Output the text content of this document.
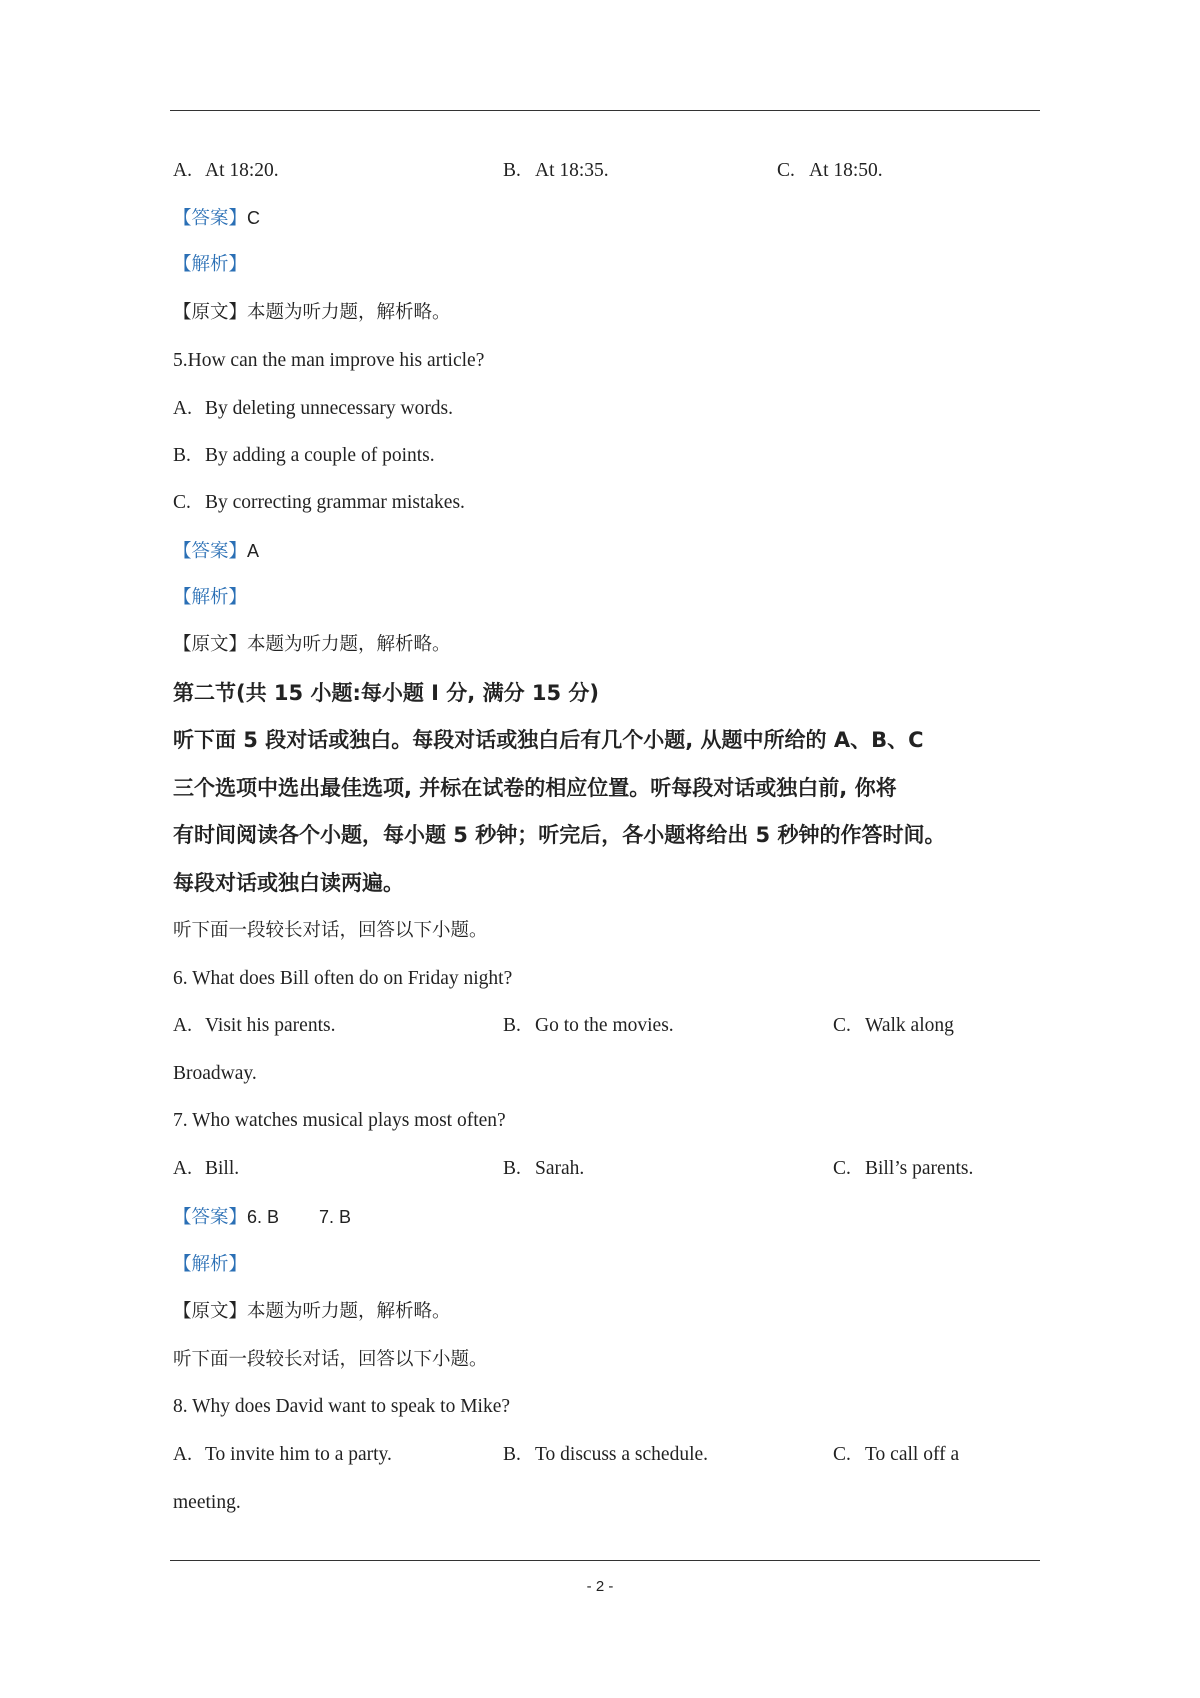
A. At 18:20.	B. At 18:35.	C. At 18:50.
【答案】C
【解析】
【原文】本题为听力题，解析略。
5.How can the man improve his article?
A. By deleting unnecessary words.
B. By adding a couple of points.
C. By correcting grammar mistakes.
【答案】A
【解析】
【原文】本题为听力题，解析略。
第二节(共 15 小题:每小题 I 分, 满分 15 分)
听下面 5 段对话或独白。每段对话或独白后有几个小题, 从题中所给的 A、B、C
三个选项中选出最佳选项, 并标在试卷的相应位置。听每段对话或独白前, 你将
有时间阅读各个小题，每小题 5 秒钟；听完后，各小题将给出 5 秒钟的作答时间。
每段对话或独白读两遍。
听下面一段较长对话，回答以下小题。
6. What does Bill often do on Friday night?
A. Visit his parents.	B. Go to the movies.	C. Walk along
Broadway.
7. Who watches musical plays most often?
A. Bill.	B. Sarah.	C. Bill’s parents.
【答案】6. B 7. B
【解析】
【原文】本题为听力题，解析略。
听下面一段较长对话，回答以下小题。
8. Why does David want to speak to Mike?
A. To invite him to a party.	B. To discuss a schedule.	C. To call off a
meeting.
- 2 -
